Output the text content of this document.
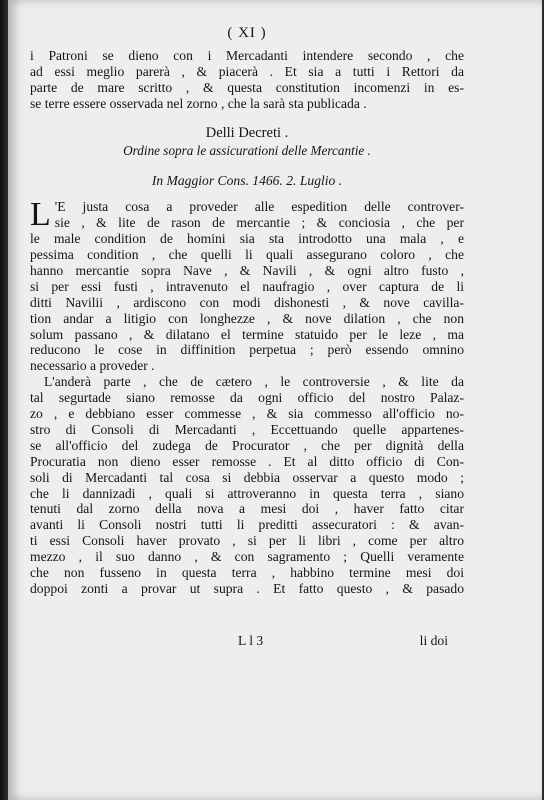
( XI )
i Patroni se dieno con i Mercadanti intendere secondo , che
ad essi meglio parerà , & piacerà . Et sia a tutti i Rettori da
parte de mare scritto , & questa constitution incomenzi in es-
se terre essere osservada nel zorno , che la sarà sta publicada .
Delli Decreti .
Ordine sopra le assicurationi delle Mercantie .
In Maggior Cons. 1466. 2. Luglio .
L 'E justa cosa a proveder alle espedition delle controver-
sie , & lite de rason de mercantie ; & conciosia , che per
le male condition de homini sia sta introdotto una mala , e
pessima condition , che quelli li quali assegurano coloro , che
hanno mercantie sopra Nave , & Navili , & ogni altro fusto ,
si per essi fusti , intravenuto el naufragio , over captura de li
ditti Navilii , ardiscono con modi dishonesti , & nove cavilla-
tion andar a litigio con longhezze , & nove dilation , che non
solum passano , & dilatano el termine statuido per le leze , ma
reducono le cose in diffinition perpetua ; però essendo omnino
necessario a proveder .
L'anderà parte , che de cætero , le controversie , & lite da
tal segurtade siano remosse da ogni officio del nostro Palaz-
zo , e debbiano esser commesse , & sia commesso all'officio no-
stro di Consoli di Mercadanti , Eccettuando quelle appartenes-
se all'officio del zudega de Procurator , che per dignità della
Procuratia non dieno esser remosse . Et al ditto officio di Con-
soli di Mercadanti tal cosa si debbia osservar a questo modo ;
che li dannizadi , quali si attroveranno in questa terra , siano
tenuti dal zorno della nova a mesi doi , haver fatto citar
avanti li Consoli nostri tutti li preditti assecuratori : & avan-
ti essi Consoli haver provato , si per li libri , come per altro
mezzo , il suo danno , & con sagramento ; Quelli veramente
che non fusseno in questa terra , habbino termine mesi doi
doppoi zonti a provar ut supra . Et fatto questo , & pasado
L l 3	li doi
